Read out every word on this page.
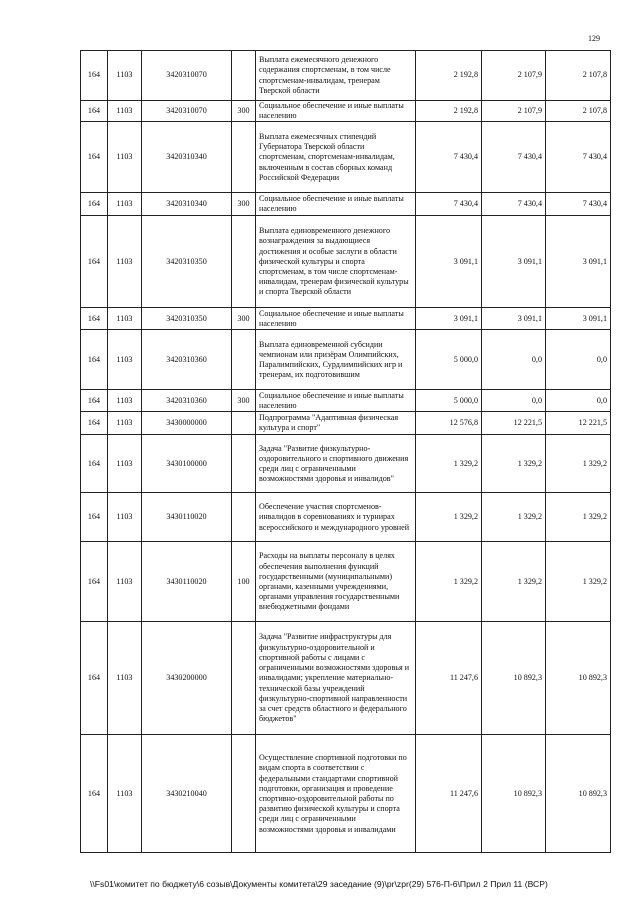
129
164	1103	3420310070		Выплата ежемесячного денежного содержания спортсменам, в том числе спортсменам-инвалидам, тренерам Тверской области	2 192,8	2 107,9	2 107,8
164	1103	3420310070	300	Социальное обеспечение и иные выплаты населению	2 192,8	2 107,9	2 107,8
164	1103	3420310340		Выплата ежемесячных стипендий Губернатора Тверской области спортсменам, спортсменам-инвалидам, включенным в состав сборных команд Российской Федерации	7 430,4	7 430,4	7 430,4
164	1103	3420310340	300	Социальное обеспечение и иные выплаты населению	7 430,4	7 430,4	7 430,4
164	1103	3420310350		Выплата единовременного денежного вознаграждения за выдающиеся достижения и особые заслуги в области физической культуры и спорта спортсменам, в том числе спортсменам-инвалидам, тренерам физической культуры и спорта Тверской области	3 091,1	3 091,1	3 091,1
164	1103	3420310350	300	Социальное обеспечение и иные выплаты населению	3 091,1	3 091,1	3 091,1
164	1103	3420310360		Выплата единовременной субсидии чемпионам или призёрам Олимпийских, Паралимпийских, Сурдлимпийских игр и тренерам, их подготовившим	5 000,0	0,0	0,0
164	1103	3420310360	300	Социальное обеспечение и иные выплаты населению	5 000,0	0,0	0,0
164	1103	3430000000		Подпрограмма "Адаптивная физическая культура и спорт"	12 576,8	12 221,5	12 221,5
164	1103	3430100000		Задача "Развитие физкультурно-оздоровительного и спортивного движения среди лиц с ограниченными возможностями здоровья и инвалидов"	1 329,2	1 329,2	1 329,2
164	1103	3430110020		Обеспечение участия спортсменов-инвалидов в соревнованиях и турнирах всероссийского и международного уровней	1 329,2	1 329,2	1 329,2
164	1103	3430110020	100	Расходы на выплаты персоналу в целях обеспечения выполнения функций государственными (муниципальными) органами, казенными учреждениями, органами управления государственными внебюджетными фондами	1 329,2	1 329,2	1 329,2
164	1103	3430200000		Задача "Развитие инфраструктуры для физкультурно-оздоровительной и спортивной работы с лицами с ограниченными возможностями здоровья и инвалидами; укрепление материально-технической базы учреждений физкультурно-спортивной направленности за счет средств областного и федерального бюджетов"	11 247,6	10 892,3	10 892,3
164	1103	3430210040		Осуществление спортивной подготовки по видам спорта в соответствии с федеральными стандартами спортивной подготовки, организация и проведение спортивно-оздоровительной работы по развитию физической культуры и спорта среди лиц с ограниченными возможностями здоровья и инвалидами	11 247,6	10 892,3	10 892,3
\\Fs01\комитет по бюджету\6 созыв\Документы комитета\29 заседание (9)\pr\zpr(29) 576-П-6\Прил 2 Прил 11 (ВСР)
